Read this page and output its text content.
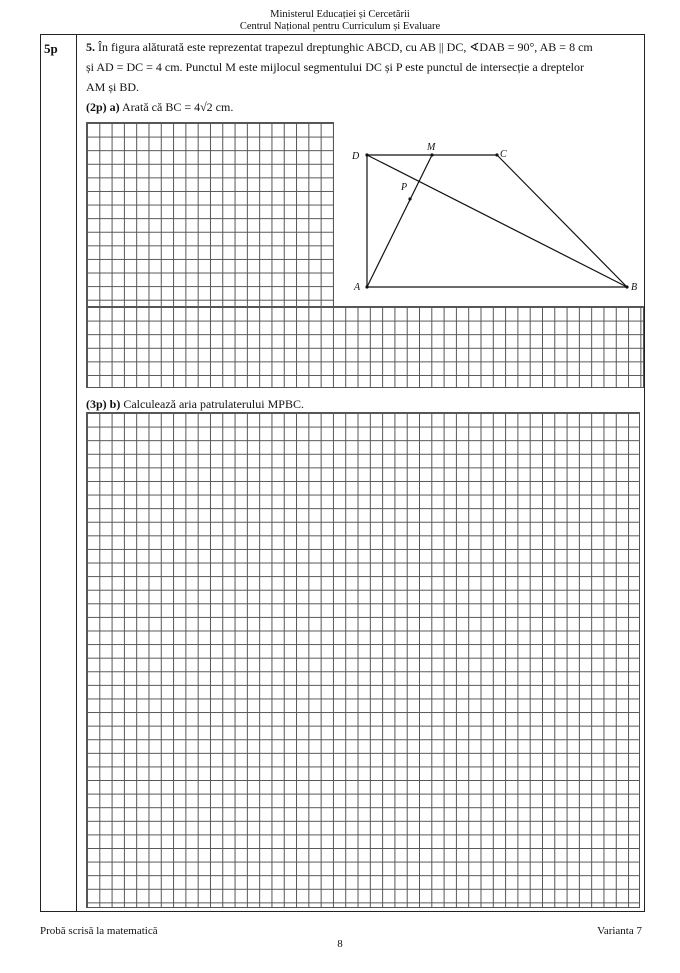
Ministerul Educației și Cercetării
Centrul Național pentru Curriculum și Evaluare
5p 5. În figura alăturată este reprezentat trapezul dreptunghic ABCD, cu AB || DC, ∢DAB = 90°, AB = 8 cm
și AD = DC = 4 cm. Punctul M este mijlocul segmentului DC și P este punctul de intersecție a dreptelor
AM și BD.
(2p) a) Arată că BC = 4√2 cm.
D
M
C
P
A	B
(3p) b) Calculează aria patrulaterului MPBC.
Probă scrisă la matematică	Varianta 7
8
